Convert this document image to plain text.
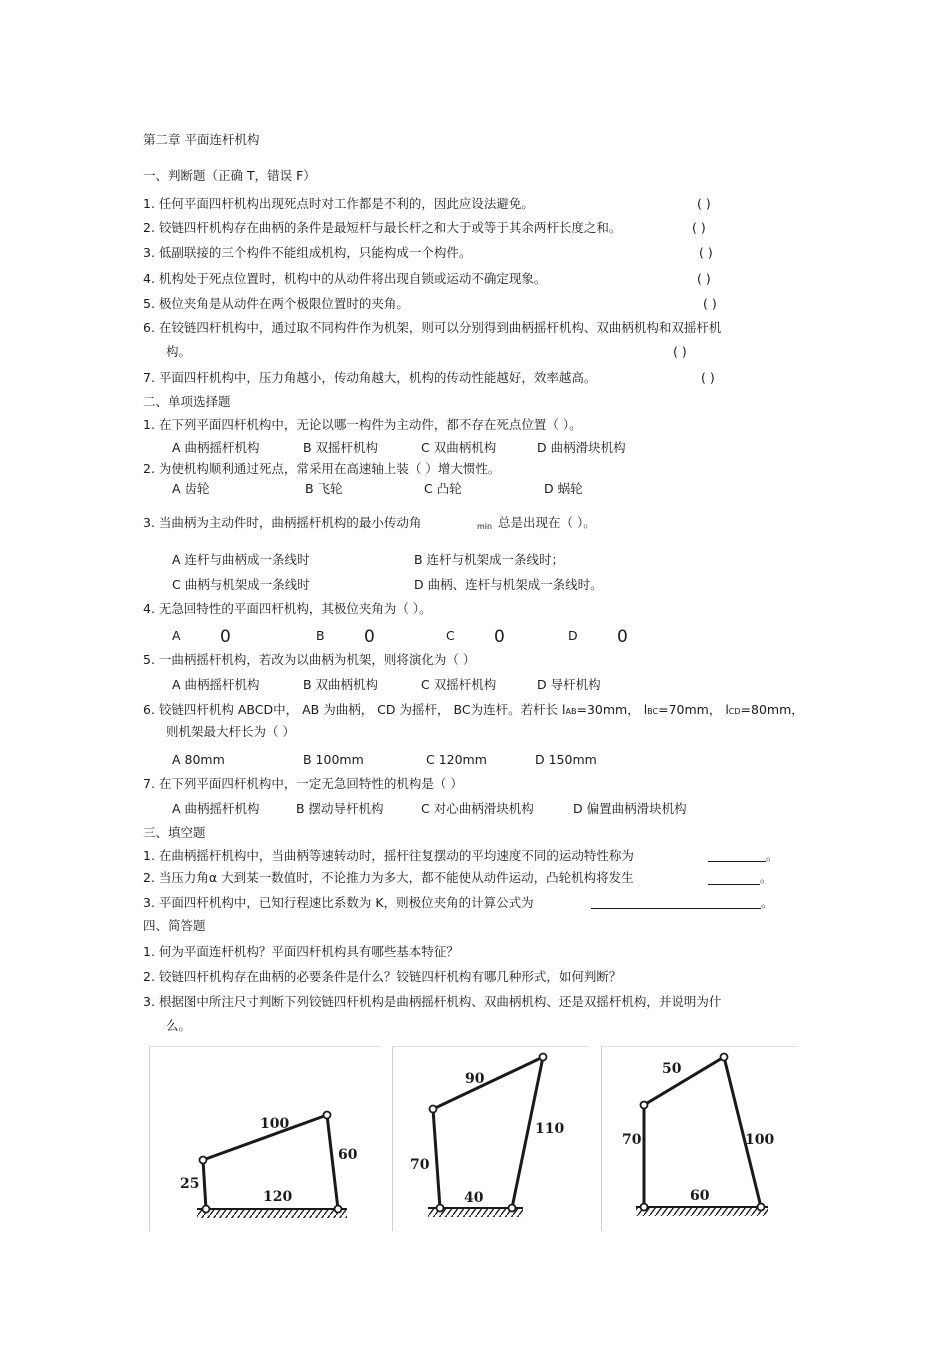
第二章 平面连杆机构
一、判断题（正确 T，错误 F）
1. 任何平面四杆机构出现死点时对工作都是不利的，因此应设法避免。	( )
2. 铰链四杆机构存在曲柄的条件是最短杆与最长杆之和大于或等于其余两杆长度之和。	( )
3. 低副联接的三个构件不能组成机构，只能构成一个构件。	( )
4. 机构处于死点位置时，机构中的从动件将出现自锁或运动不确定现象。	( )
5. 极位夹角是从动件在两个极限位置时的夹角。	( )
6. 在铰链四杆机构中，通过取不同构件作为机架，则可以分别得到曲柄摇杆机构、双曲柄机构和双摇杆机
构。	( )
7. 平面四杆机构中，压力角越小，传动角越大，机构的传动性能越好，效率越高。	( )
二、单项选择题
1. 在下列平面四杆机构中，无论以哪一构件为主动件，都不存在死点位置（ ）。
A 曲柄摇杆机构	B 双摇杆机构	C 双曲柄机构	D 曲柄滑块机构
2. 为使机构顺利通过死点，常采用在高速轴上装（ ）增大惯性。
A 齿轮	B 飞轮	C 凸轮	D 蜗轮
3. 当曲柄为主动件时，曲柄摇杆机构的最小传动角	min 总是出现在（ ）。
A 连杆与曲柄成一条线时	B 连杆与机架成一条线时；
C 曲柄与机架成一条线时	D 曲柄、连杆与机架成一条线时。
4. 无急回特性的平面四杆机构，其极位夹角为（ ）。
A 0	B 0	C 0	D 0
5. 一曲柄摇杆机构，若改为以曲柄为机架，则将演化为（ ）
A 曲柄摇杆机构	B 双曲柄机构	C 双摇杆机构	D 导杆机构
6. 铰链四杆机构 ABCD中， AB 为曲柄， CD 为摇杆， BC为连杆。若杆长 lAB=30mm， lBC=70mm， lCD=80mm，
则机架最大杆长为（ ）
A 80mm	B 100mm	C 120mm	D 150mm
7. 在下列平面四杆机构中，一定无急回特性的机构是（ ）
A 曲柄摇杆机构	B 摆动导杆机构	C 对心曲柄滑块机构	D 偏置曲柄滑块机构
三、填空题
1. 在曲柄摇杆机构中，当曲柄等速转动时，摇杆往复摆动的平均速度不同的运动特性称为	。
2. 当压力角α 大到某一数值时，不论推力为多大，都不能使从动件运动，凸轮机构将发生	。
3. 平面四杆机构中，已知行程速比系数为 K，则极位夹角的计算公式为	。
四、简答题
1. 何为平面连杆机构？平面四杆机构具有哪些基本特征？
2. 铰链四杆机构存在曲柄的必要条件是什么？铰链四杆机构有哪几种形式，如何判断？
3. 根据图中所注尺寸判断下列铰链四杆机构是曲柄摇杆机构、双曲柄机构、还是双摇杆机构，并说明为什
么。
100
60
25
120
90
110
70
40
50
100
70
60
